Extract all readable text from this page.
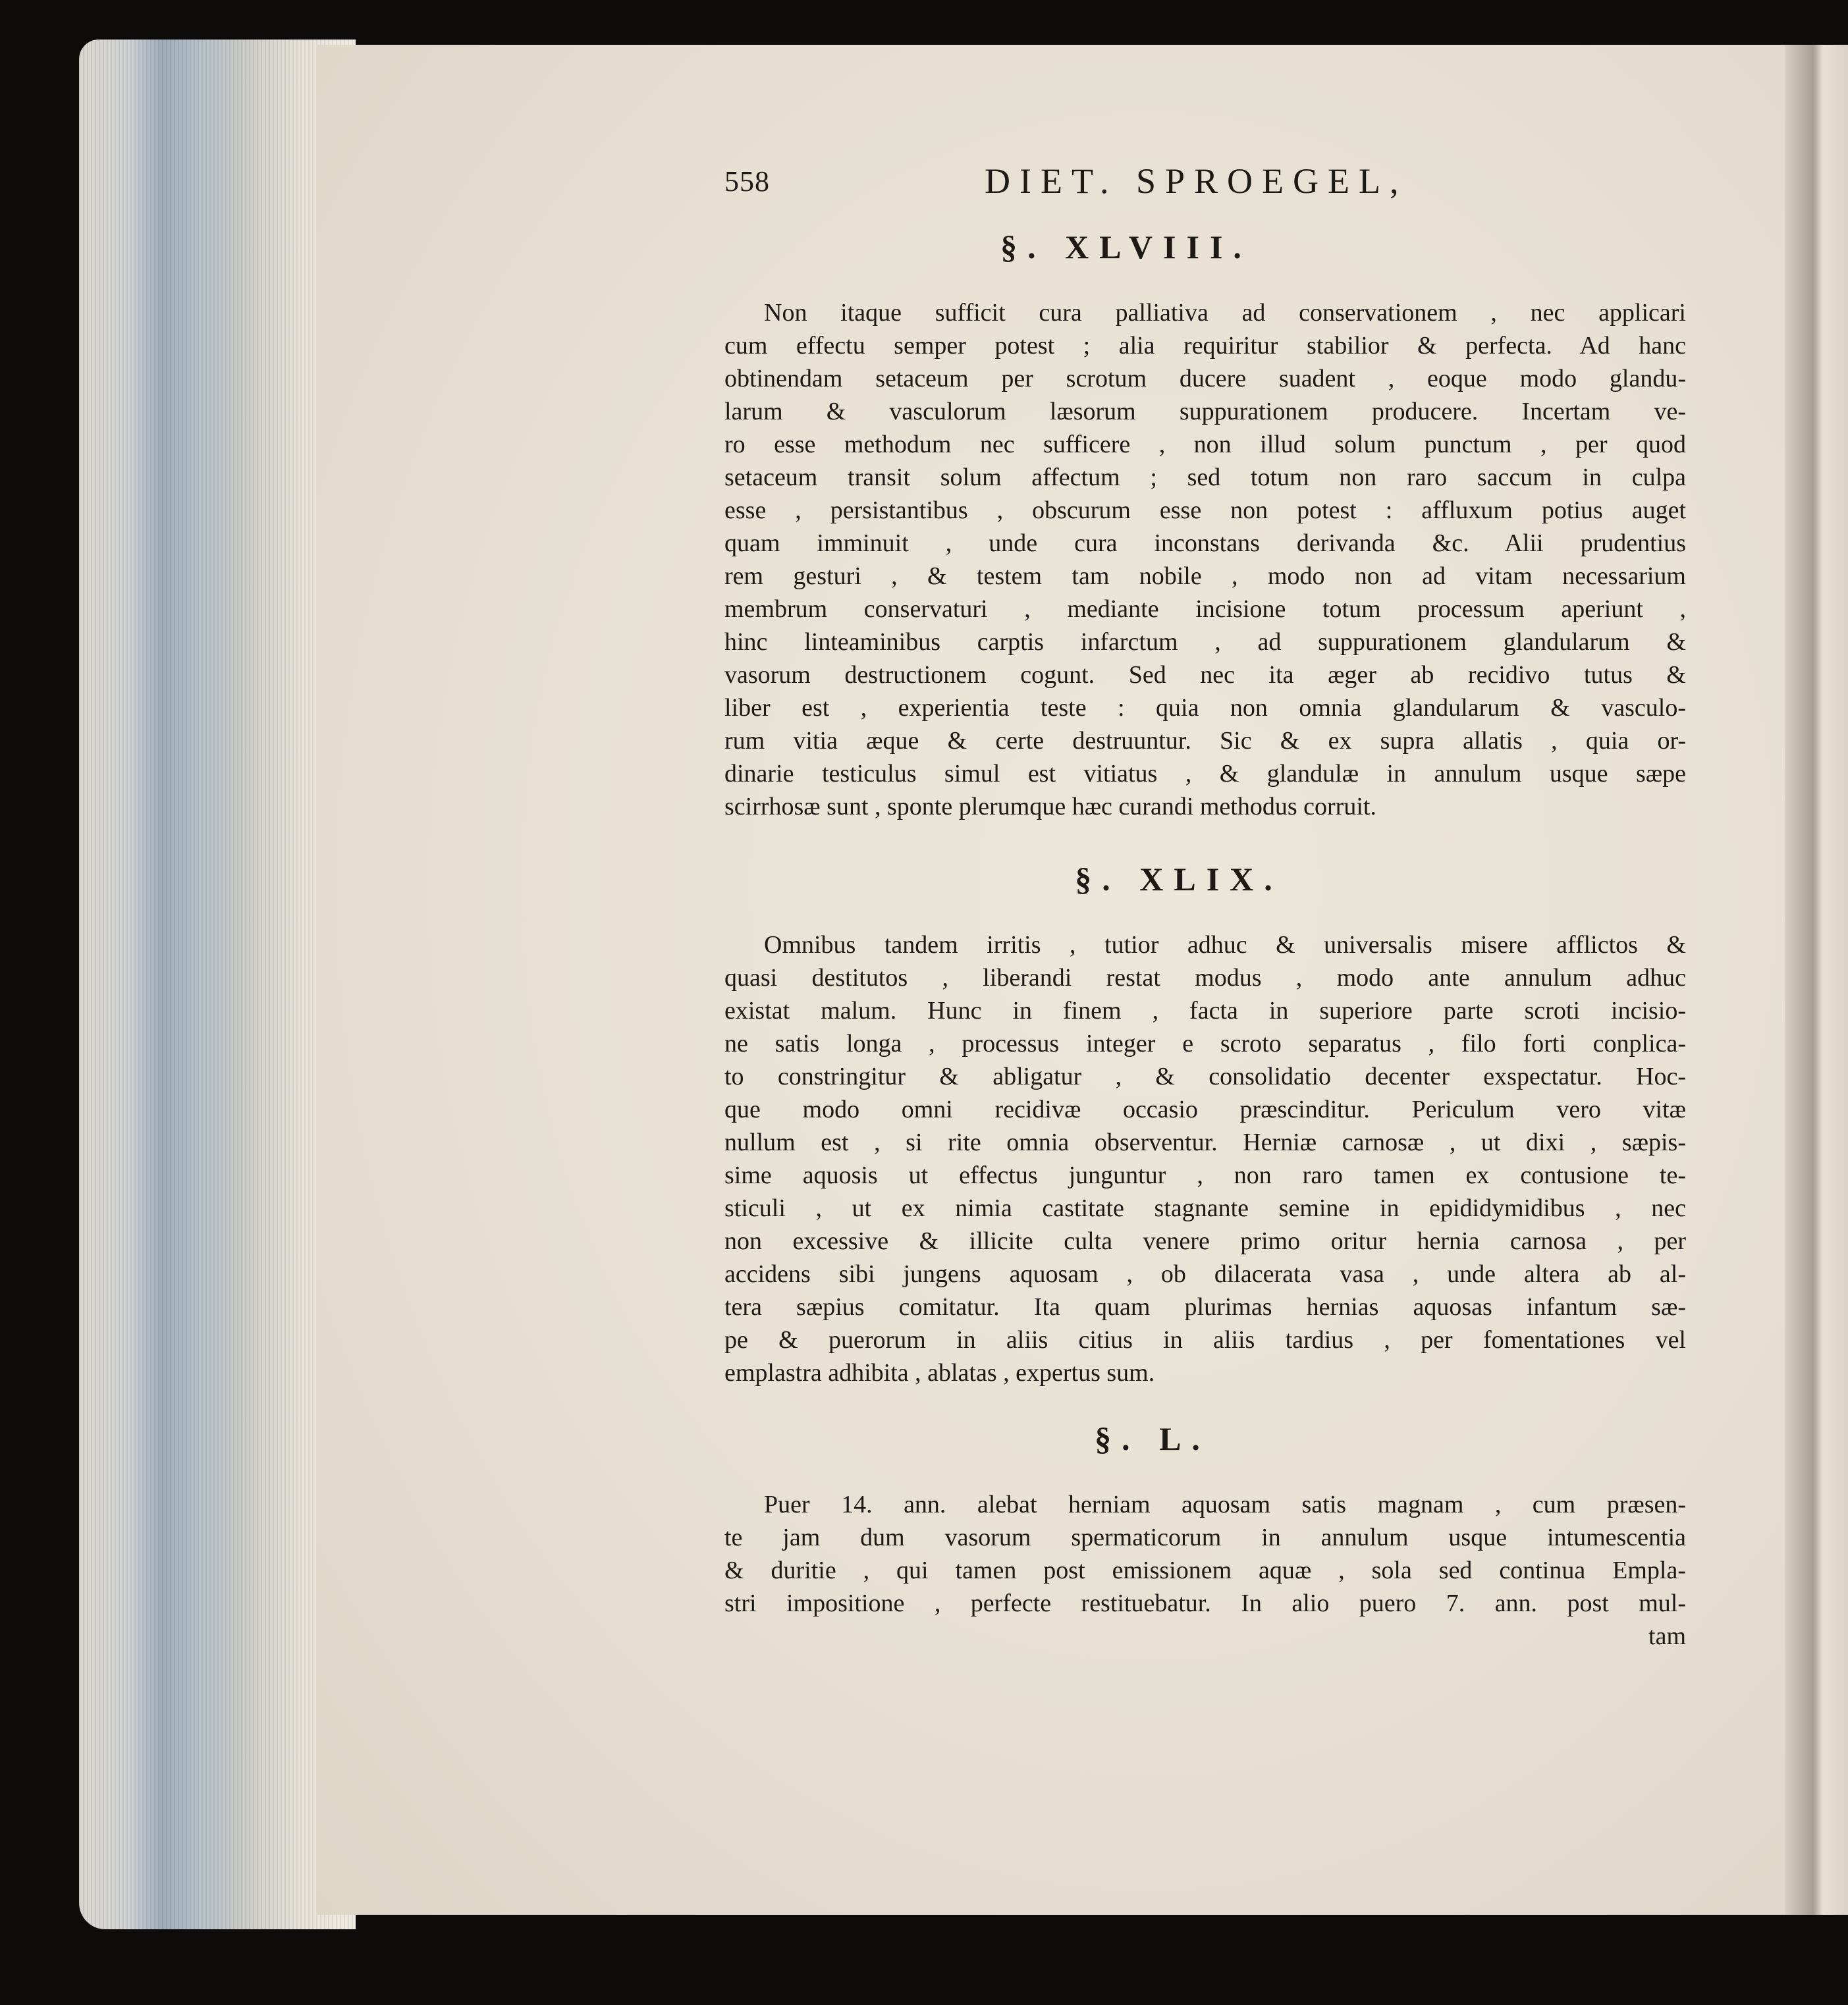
558	DIET. SPROEGEL,
§. XLVIII.
Non itaque sufficit cura palliativa ad conservationem , nec applicari
cum effectu semper potest ; alia requiritur stabilior & perfecta. Ad hanc
obtinendam setaceum per scrotum ducere suadent , eoque modo glandu-
larum & vasculorum læsorum suppurationem producere. Incertam ve-
ro esse methodum nec sufficere , non illud solum punctum , per quod
setaceum transit solum affectum ; sed totum non raro saccum in culpa
esse , persistantibus , obscurum esse non potest : affluxum potius auget
quam imminuit , unde cura inconstans derivanda &c. Alii prudentius
rem gesturi , & testem tam nobile , modo non ad vitam necessarium
membrum conservaturi , mediante incisione totum processum aperiunt ,
hinc linteaminibus carptis infarctum , ad suppurationem glandularum &
vasorum destructionem cogunt. Sed nec ita æger ab recidivo tutus &
liber est , experientia teste : quia non omnia glandularum & vasculo-
rum vitia æque & certe destruuntur. Sic & ex supra allatis , quia or-
dinarie testiculus simul est vitiatus , & glandulæ in annulum usque sæpe
scirrhosæ sunt , sponte plerumque hæc curandi methodus corruit.
§. XLIX.
Omnibus tandem irritis , tutior adhuc & universalis misere afflictos &
quasi destitutos , liberandi restat modus , modo ante annulum adhuc
existat malum. Hunc in finem , facta in superiore parte scroti incisio-
ne satis longa , processus integer e scroto separatus , filo forti conplica-
to constringitur & abligatur , & consolidatio decenter exspectatur. Hoc-
que modo omni recidivæ occasio præscinditur. Periculum vero vitæ
nullum est , si rite omnia observentur. Herniæ carnosæ , ut dixi , sæpis-
sime aquosis ut effectus junguntur , non raro tamen ex contusione te-
sticuli , ut ex nimia castitate stagnante semine in epididymidibus , nec
non excessive & illicite culta venere primo oritur hernia carnosa , per
accidens sibi jungens aquosam , ob dilacerata vasa , unde altera ab al-
tera sæpius comitatur. Ita quam plurimas hernias aquosas infantum sæ-
pe & puerorum in aliis citius in aliis tardius , per fomentationes vel
emplastra adhibita , ablatas , expertus sum.
§. L.
Puer 14. ann. alebat herniam aquosam satis magnam , cum præsen-
te jam dum vasorum spermaticorum in annulum usque intumescentia
& duritie , qui tamen post emissionem aquæ , sola sed continua Empla-
stri impositione , perfecte restituebatur. In alio puero 7. ann. post mul-
tam
